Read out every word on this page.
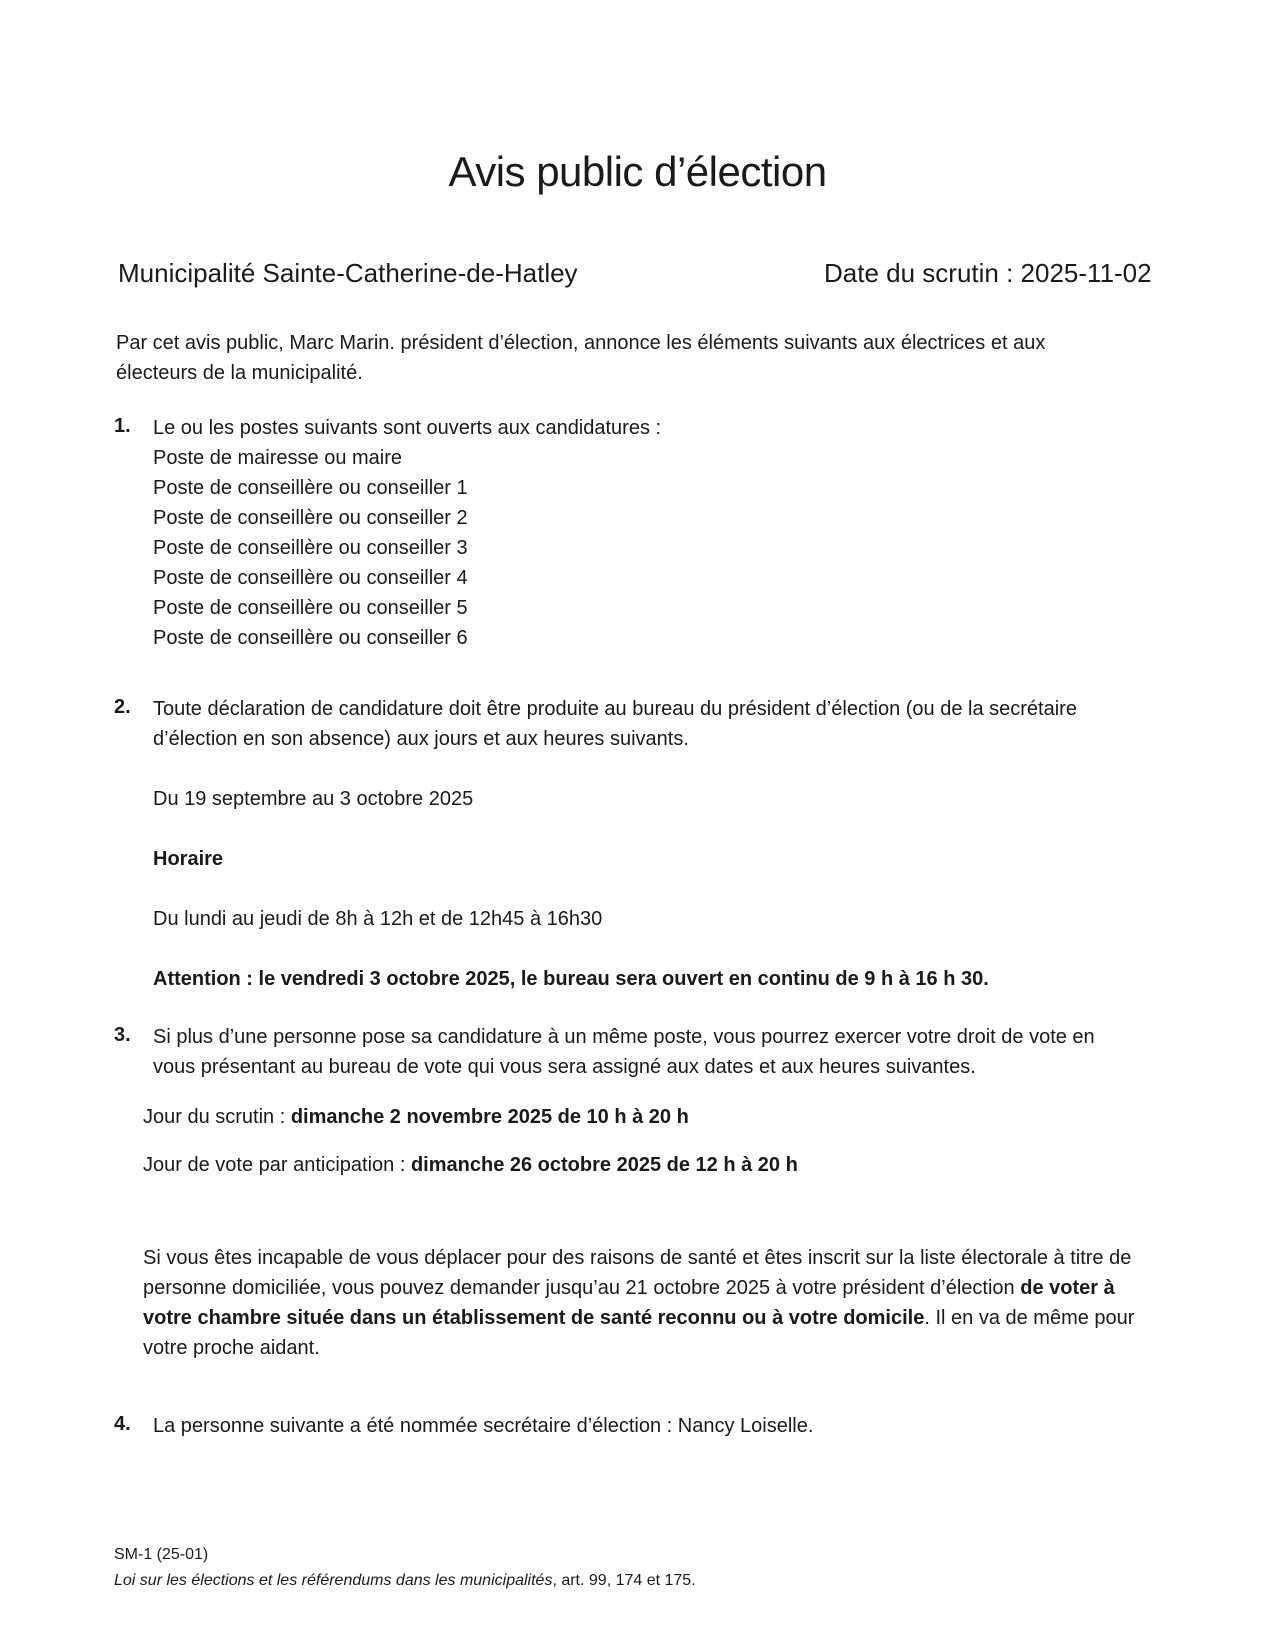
Avis public d’élection
Municipalité Sainte-Catherine-de-Hatley	Date du scrutin : 2025-11-02
Par cet avis public, Marc Marin. président d’élection, annonce les éléments suivants aux électrices et aux
électeurs de la municipalité.
1. Le ou les postes suivants sont ouverts aux candidatures :
Poste de mairesse ou maire
Poste de conseillère ou conseiller 1
Poste de conseillère ou conseiller 2
Poste de conseillère ou conseiller 3
Poste de conseillère ou conseiller 4
Poste de conseillère ou conseiller 5
Poste de conseillère ou conseiller 6
2. Toute déclaration de candidature doit être produite au bureau du président d’élection (ou de la secrétaire
d’élection en son absence) aux jours et aux heures suivants.
Du 19 septembre au 3 octobre 2025
Horaire
Du lundi au jeudi de 8h à 12h et de 12h45 à 16h30
Attention : le vendredi 3 octobre 2025, le bureau sera ouvert en continu de 9 h à 16 h 30.
3. Si plus d’une personne pose sa candidature à un même poste, vous pourrez exercer votre droit de vote en
vous présentant au bureau de vote qui vous sera assigné aux dates et aux heures suivantes.
Jour du scrutin : dimanche 2 novembre 2025 de 10 h à 20 h
Jour de vote par anticipation : dimanche 26 octobre 2025 de 12 h à 20 h
Si vous êtes incapable de vous déplacer pour des raisons de santé et êtes inscrit sur la liste électorale à titre de
personne domiciliée, vous pouvez demander jusqu’au 21 octobre 2025 à votre président d’élection de voter à
votre chambre située dans un établissement de santé reconnu ou à votre domicile. Il en va de même pour
votre proche aidant.
4. La personne suivante a été nommée secrétaire d’élection : Nancy Loiselle.
SM-1 (25-01)
Loi sur les élections et les référendums dans les municipalités, art. 99, 174 et 175.
